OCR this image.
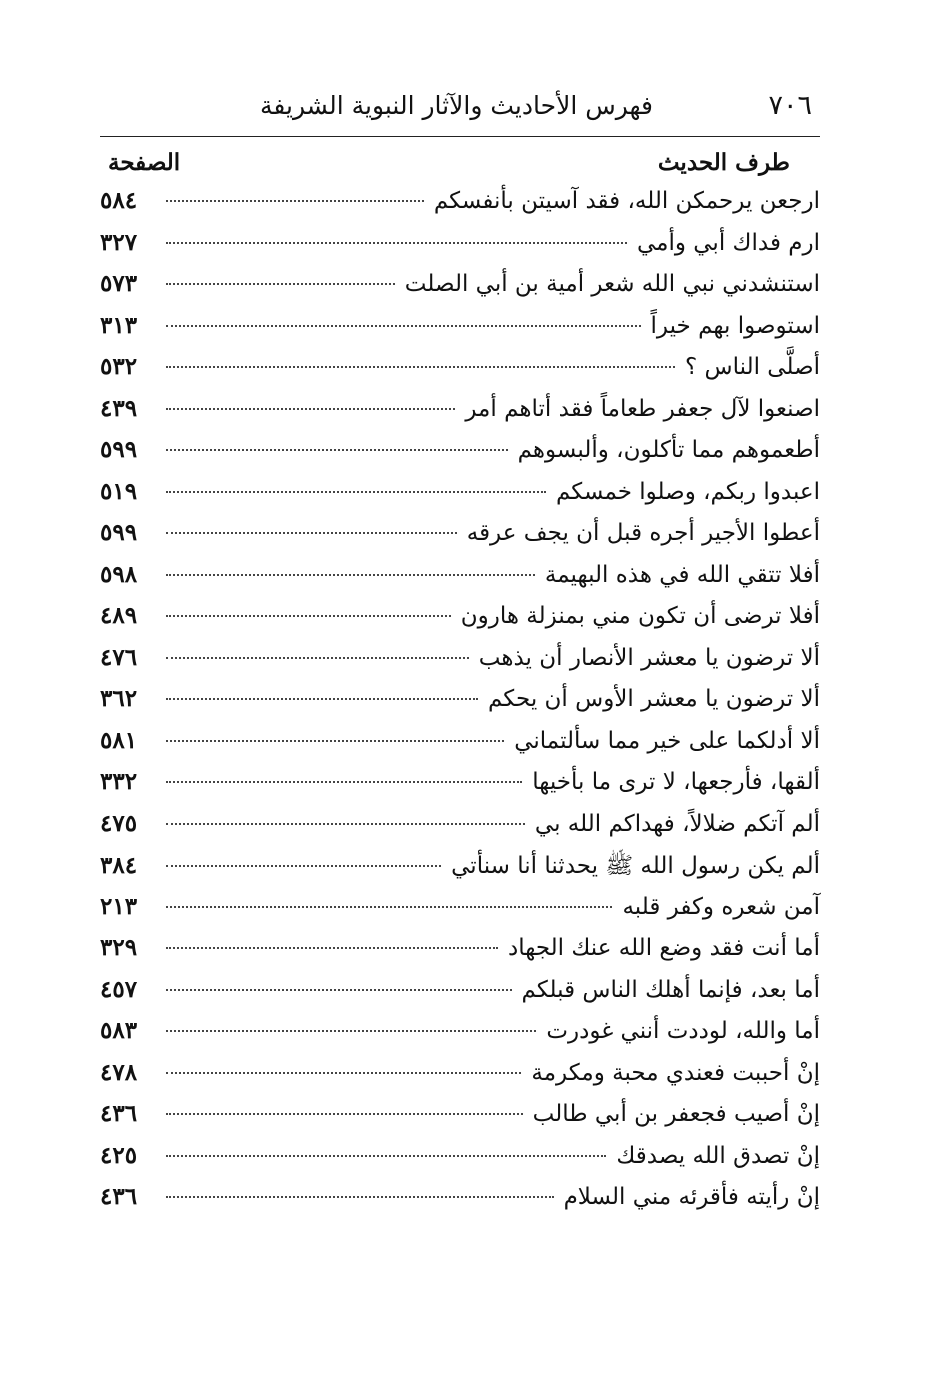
٧٠٦
فهرس الأحاديث والآثار النبوية الشريفة
طرف الحديث
الصفحة
ارجعن يرحمكن الله، فقد آسيتن بأنفسكم
٥٨٤
ارم فداك أبي وأمي
٣٢٧
استنشدني نبي الله شعر أمية بن أبي الصلت
٥٧٣
استوصوا بهم خيراً
٣١٣
أصلَّى الناس ؟
٥٣٢
اصنعوا لآل جعفر طعاماً فقد أتاهم أمر
٤٣٩
أطعموهم مما تأكلون، وألبسوهم
٥٩٩
اعبدوا ربكم، وصلوا خمسكم
٥١٩
أعطوا الأجير أجره قبل أن يجف عرقه
٥٩٩
أفلا تتقي الله في هذه البهيمة
٥٩٨
أفلا ترضى أن تكون مني بمنزلة هارون
٤٨٩
ألا ترضون يا معشر الأنصار أن يذهب
٤٧٦
ألا ترضون يا معشر الأوس أن يحكم
٣٦٢
ألا أدلكما على خير مما سألتماني
٥٨١
ألقها، فأرجعها، لا ترى ما بأخيها
٣٣٢
ألم آتكم ضلالاً، فهداكم الله بي
٤٧٥
ألم يكن رسول الله ﷺ يحدثنا أنا سنأتي
٣٨٤
آمن شعره وكفر قلبه
٢١٣
أما أنت فقد وضع الله عنك الجهاد
٣٢٩
أما بعد، فإنما أهلك الناس قبلكم
٤٥٧
أما والله، لوددت أنني غودرت
٥٨٣
إنْ أحببت فعندي محبة ومكرمة
٤٧٨
إنْ أصيب فجعفر بن أبي طالب
٤٣٦
إنْ تصدق الله يصدقك
٤٢٥
إنْ رأيته فأقرئه مني السلام
٤٣٦
